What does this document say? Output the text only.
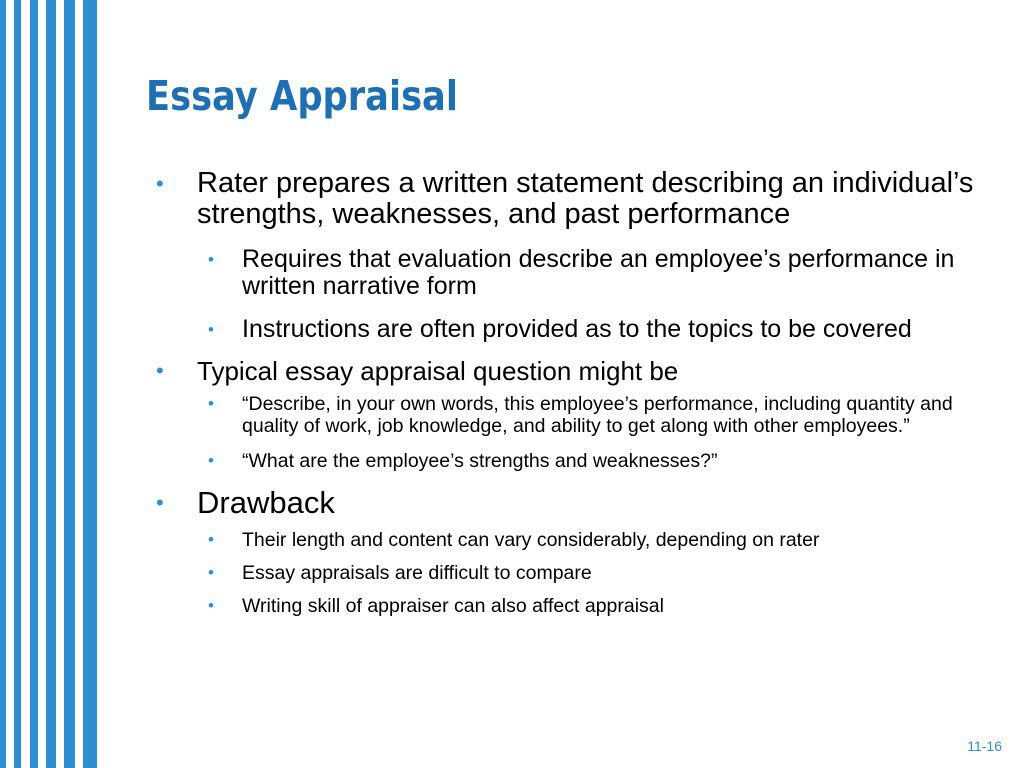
Essay Appraisal
• Rater prepares a written statement describing an individual’s strengths, weaknesses, and past performance
• Requires that evaluation describe an employee’s performance in written narrative form
• Instructions are often provided as to the topics to be covered
• Typical essay appraisal question might be
• “Describe, in your own words, this employee’s performance, including quantity and quality of work, job knowledge, and ability to get along with other employees.”
• “What are the employee’s strengths and weaknesses?”
• Drawback
• Their length and content can vary considerably, depending on rater
• Essay appraisals are difficult to compare
• Writing skill of appraiser can also affect appraisal
11-16
